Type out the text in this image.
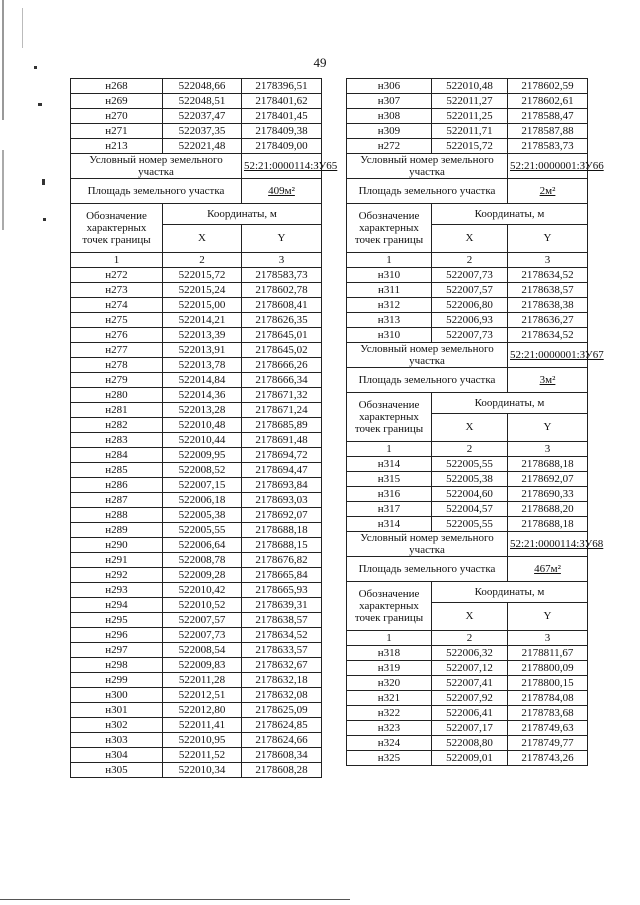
49
н268	522048,66	2178396,51
н269	522048,51	2178401,62
н270	522037,47	2178401,45
н271	522037,35	2178409,38
н213	522021,48	2178409,00
Условный номер земельного участка		52:21:0000114:ЗУ65
Площадь земельного участка		409м²
Обозначение характерных точек границы	Координаты, м	
	X	Y
1	2	3
н272	522015,72	2178583,73
н273	522015,24	2178602,78
н274	522015,00	2178608,41
н275	522014,21	2178626,35
н276	522013,39	2178645,01
н277	522013,91	2178645,02
н278	522013,78	2178666,26
н279	522014,84	2178666,34
н280	522014,36	2178671,32
н281	522013,28	2178671,24
н282	522010,48	2178685,89
н283	522010,44	2178691,48
н284	522009,95	2178694,72
н285	522008,52	2178694,47
н286	522007,15	2178693,84
н287	522006,18	2178693,03
н288	522005,38	2178692,07
н289	522005,55	2178688,18
н290	522006,64	2178688,15
н291	522008,78	2178676,82
н292	522009,28	2178665,84
н293	522010,42	2178665,93
н294	522010,52	2178639,31
н295	522007,57	2178638,57
н296	522007,73	2178634,52
н297	522008,54	2178633,57
н298	522009,83	2178632,67
н299	522011,28	2178632,18
н300	522012,51	2178632,08
н301	522012,80	2178625,09
н302	522011,41	2178624,85
н303	522010,95	2178624,66
н304	522011,52	2178608,34
н305	522010,34	2178608,28
н306	522010,48	2178602,59
н307	522011,27	2178602,61
н308	522011,25	2178588,47
н309	522011,71	2178587,88
н272	522015,72	2178583,73
Условный номер земельного участка		52:21:0000001:ЗУ66
Площадь земельного участка		2м²
Обозначение характерных точек границы	Координаты, м	
	X	Y
1	2	3
н310	522007,73	2178634,52
н311	522007,57	2178638,57
н312	522006,80	2178638,38
н313	522006,93	2178636,27
н310	522007,73	2178634,52
Условный номер земельного участка		52:21:0000001:ЗУ67
Площадь земельного участка		3м²
Обозначение характерных точек границы	Координаты, м	
	X	Y
1	2	3
н314	522005,55	2178688,18
н315	522005,38	2178692,07
н316	522004,60	2178690,33
н317	522004,57	2178688,20
н314	522005,55	2178688,18
Условный номер земельного участка		52:21:0000114:ЗУ68
Площадь земельного участка		467м²
Обозначение характерных точек границы	Координаты, м	
	X	Y
1	2	3
н318	522006,32	2178811,67
н319	522007,12	2178800,09
н320	522007,41	2178800,15
н321	522007,92	2178784,08
н322	522006,41	2178783,68
н323	522007,17	2178749,63
н324	522008,80	2178749,77
н325	522009,01	2178743,26
